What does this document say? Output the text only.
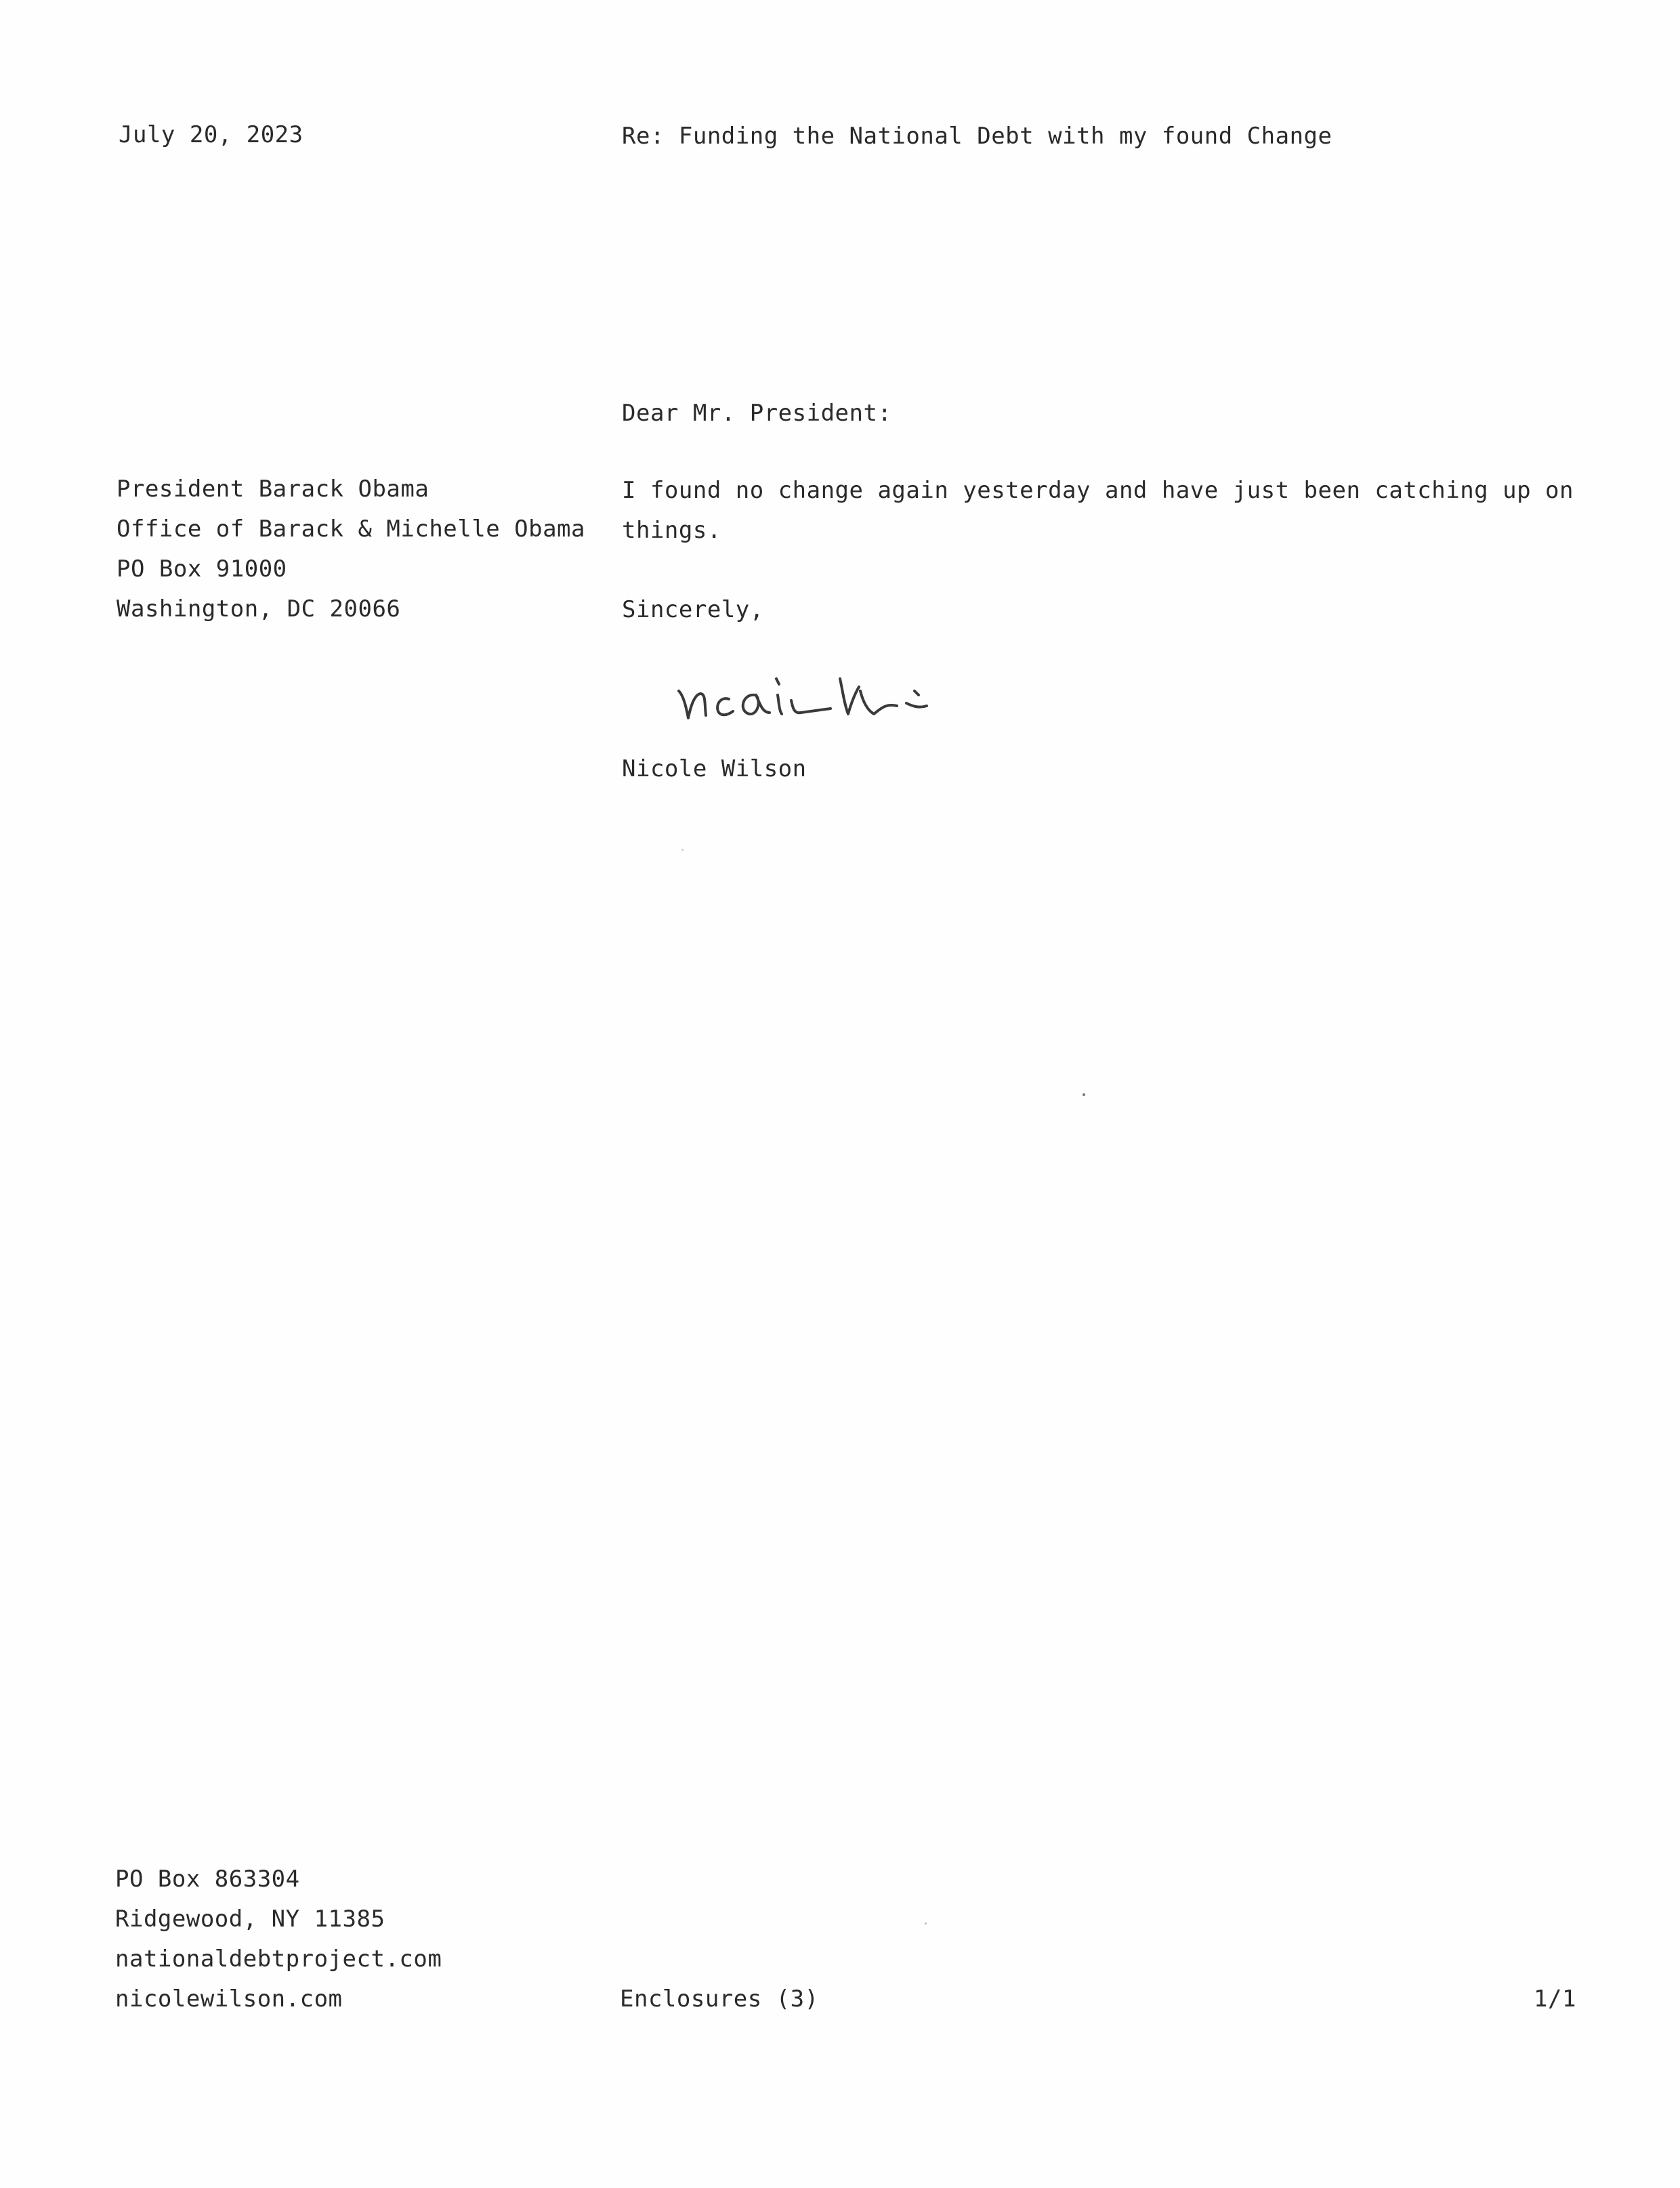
July 20, 2023	Re: Funding the National Debt with my found Change
Dear Mr. President:
President Barack Obama
Office of Barack & Michelle Obama
PO Box 91000
Washington, DC 20066
I found no change again yesterday and have just been catching up on
things.
Sincerely,
Nicole Wilson
PO Box 863304
Ridgewood, NY 11385
nationaldebtproject.com
nicolewilson.com	Enclosures (3)	1/1
